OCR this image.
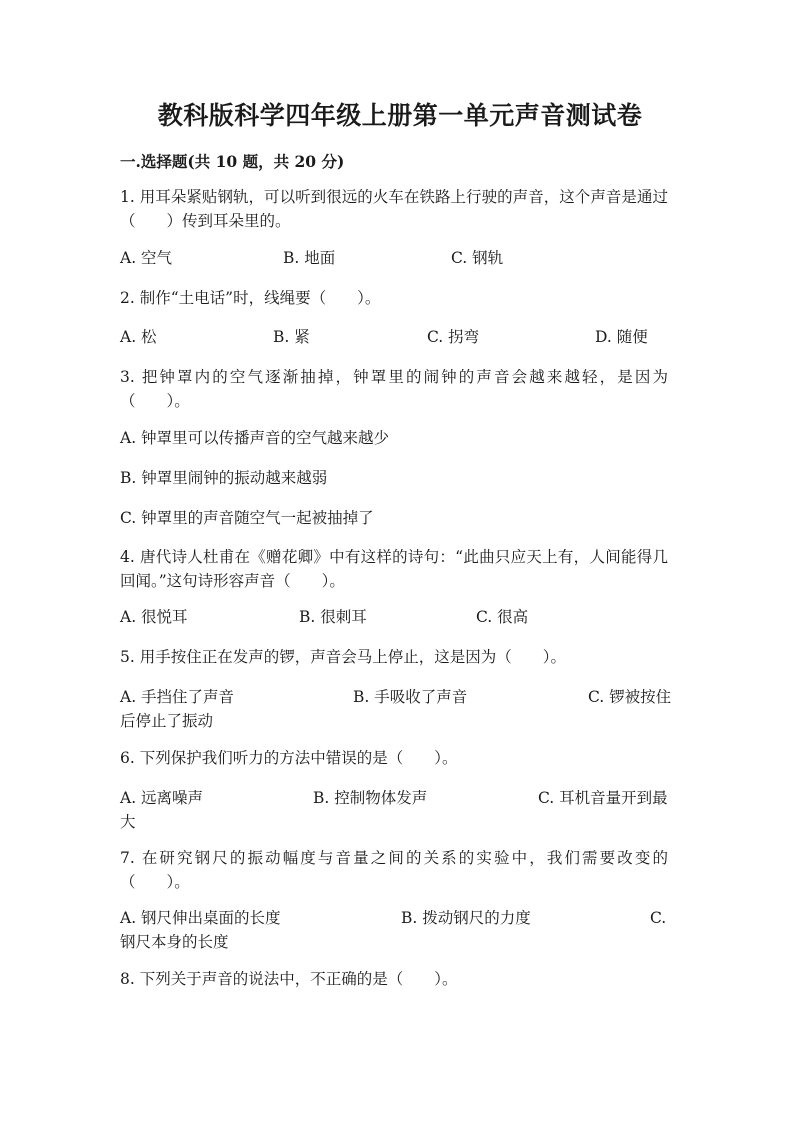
教科版科学四年级上册第一单元声音测试卷
一.选择题(共 10 题，共 20 分)
1. 用耳朵紧贴钢轨，可以听到很远的火车在铁路上行驶的声音，这个声音是通过（　　）传到耳朵里的。
A. 空气	B. 地面	C. 钢轨
2. 制作“土电话”时，线绳要（　　）。
A. 松	B. 紧	C. 拐弯	D. 随便
3. 把钟罩内的空气逐渐抽掉，钟罩里的闹钟的声音会越来越轻，是因为（　　）。
A. 钟罩里可以传播声音的空气越来越少
B. 钟罩里闹钟的振动越来越弱
C. 钟罩里的声音随空气一起被抽掉了
4. 唐代诗人杜甫在《赠花卿》中有这样的诗句：“此曲只应天上有，人间能得几回闻。”这句诗形容声音（　　）。
A. 很悦耳	B. 很刺耳	C. 很高
5. 用手按住正在发声的锣，声音会马上停止，这是因为（　　）。
A. 手挡住了声音	B. 手吸收了声音	C. 锣被按住
后停止了振动
6. 下列保护我们听力的方法中错误的是（　　）。
A. 远离噪声	B. 控制物体发声	C. 耳机音量开到最
大
7. 在研究钢尺的振动幅度与音量之间的关系的实验中，我们需要改变的（　　）。
A. 钢尺伸出桌面的长度	B. 拨动钢尺的力度	C.
钢尺本身的长度
8. 下列关于声音的说法中，不正确的是（　　）。
